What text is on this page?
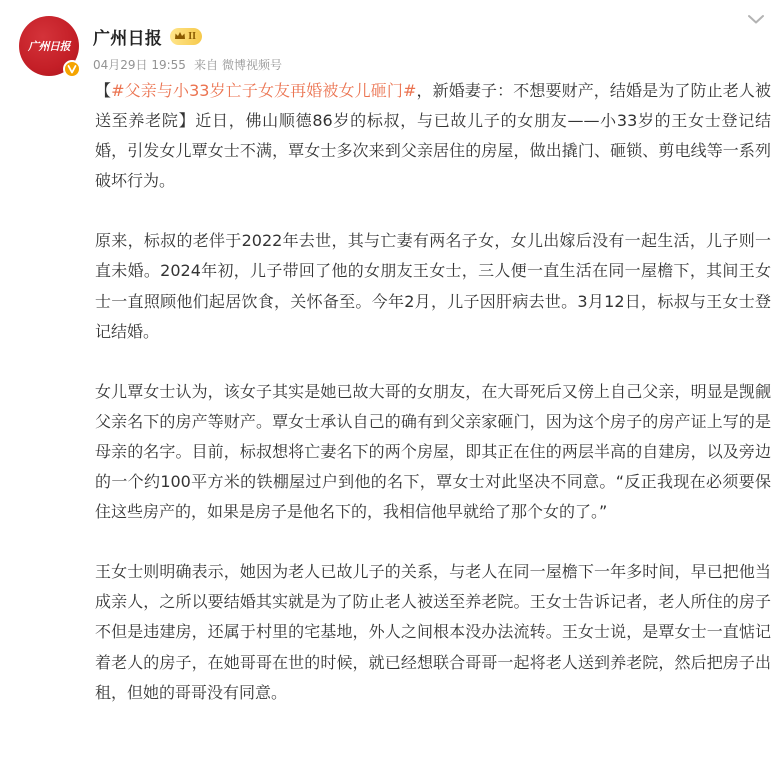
广州日报 广州日报	II
04月29日 19:55 来自 微博视频号

【#父亲与小33岁亡子女友再婚被女儿砸门#，新婚妻子：不想要财产，结婚是为了防止老人被送至养老院】近日，佛山顺德86岁的标叔，与已故儿子的女朋友——小33岁的王女士登记结婚，引发女儿覃女士不满，覃女士多次来到父亲居住的房屋，做出撬门、砸锁、剪电线等一系列破坏行为。

原来，标叔的老伴于2022年去世，其与亡妻有两名子女，女儿出嫁后没有一起生活，儿子则一直未婚。2024年初，儿子带回了他的女朋友王女士，三人便一直生活在同一屋檐下，其间王女士一直照顾他们起居饮食，关怀备至。今年2月，儿子因肝病去世。3月12日，标叔与王女士登记结婚。

女儿覃女士认为，该女子其实是她已故大哥的女朋友，在大哥死后又傍上自己父亲，明显是觊觎父亲名下的房产等财产。覃女士承认自己的确有到父亲家砸门，因为这个房子的房产证上写的是母亲的名字。目前，标叔想将亡妻名下的两个房屋，即其正在住的两层半高的自建房，以及旁边的一个约100平方米的铁棚屋过户到他的名下，覃女士对此坚决不同意。“反正我现在必须要保住这些房产的，如果是房子是他名下的，我相信他早就给了那个女的了。”

王女士则明确表示，她因为老人已故儿子的关系，与老人在同一屋檐下一年多时间，早已把他当成亲人，之所以要结婚其实就是为了防止老人被送至养老院。王女士告诉记者，老人所住的房子不但是违建房，还属于村里的宅基地，外人之间根本没办法流转。王女士说，是覃女士一直惦记着老人的房子，在她哥哥在世的时候，就已经想联合哥哥一起将老人送到养老院，然后把房子出租，但她的哥哥没有同意。
